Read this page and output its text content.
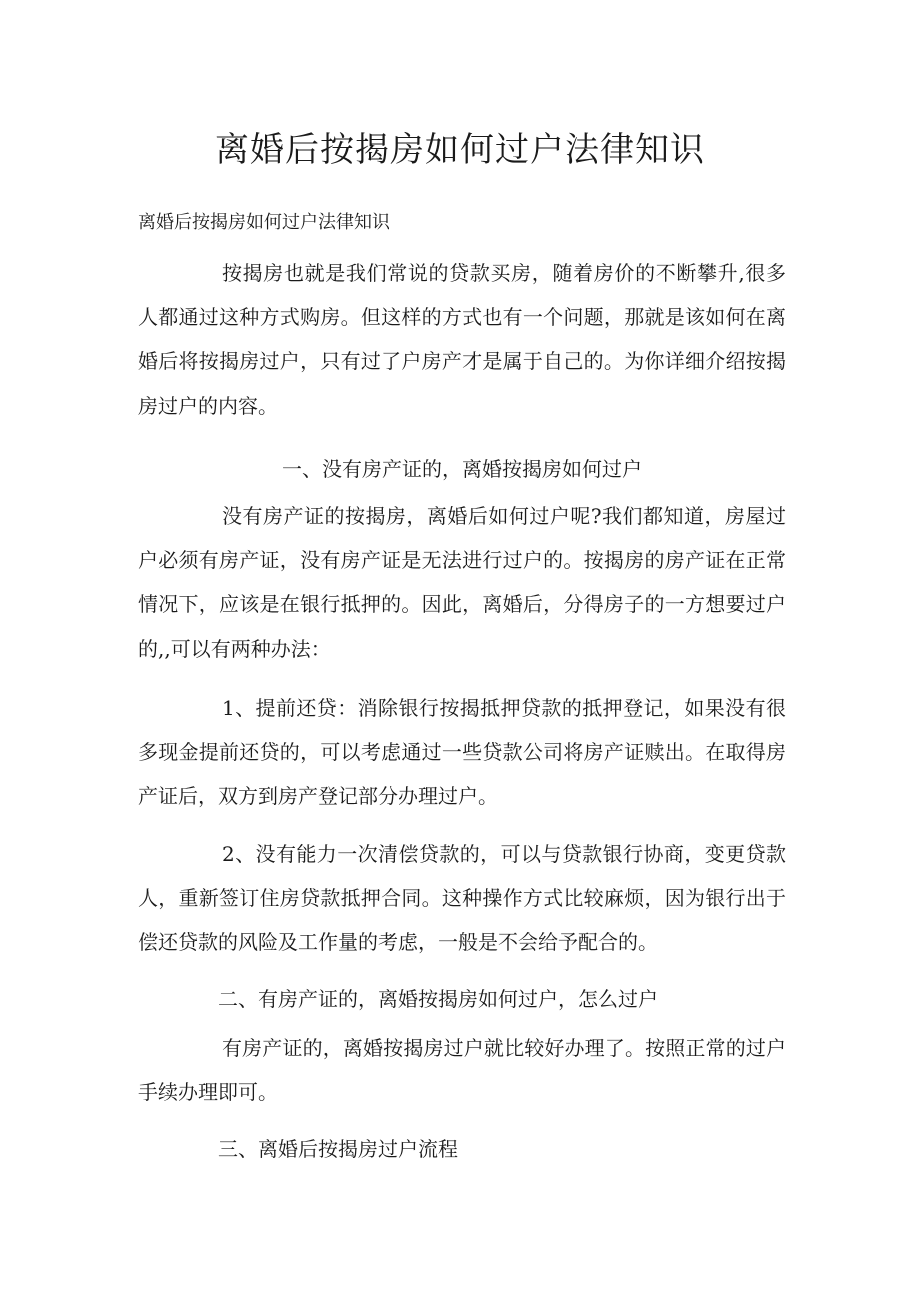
离婚后按揭房如何过户法律知识

离婚后按揭房如何过户法律知识

按揭房也就是我们常说的贷款买房，随着房价的不断攀升,很多人都通过这种方式购房。但这样的方式也有一个问题，那就是该如何在离婚后将按揭房过户，只有过了户房产才是属于自己的。为你详细介绍按揭房过户的内容。

一、没有房产证的，离婚按揭房如何过户

没有房产证的按揭房，离婚后如何过户呢?我们都知道，房屋过户必须有房产证，没有房产证是无法进行过户的。按揭房的房产证在正常情况下，应该是在银行抵押的。因此，离婚后，分得房子的一方想要过户的,,可以有两种办法：

1、提前还贷：消除银行按揭抵押贷款的抵押登记，如果没有很多现金提前还贷的，可以考虑通过一些贷款公司将房产证赎出。在取得房产证后，双方到房产登记部分办理过户。

2、没有能力一次清偿贷款的，可以与贷款银行协商，变更贷款人，重新签订住房贷款抵押合同。这种操作方式比较麻烦，因为银行出于偿还贷款的风险及工作量的考虑，一般是不会给予配合的。

二、有房产证的，离婚按揭房如何过户，怎么过户

有房产证的，离婚按揭房过户就比较好办理了。按照正常的过户手续办理即可。

三、离婚后按揭房过户流程
